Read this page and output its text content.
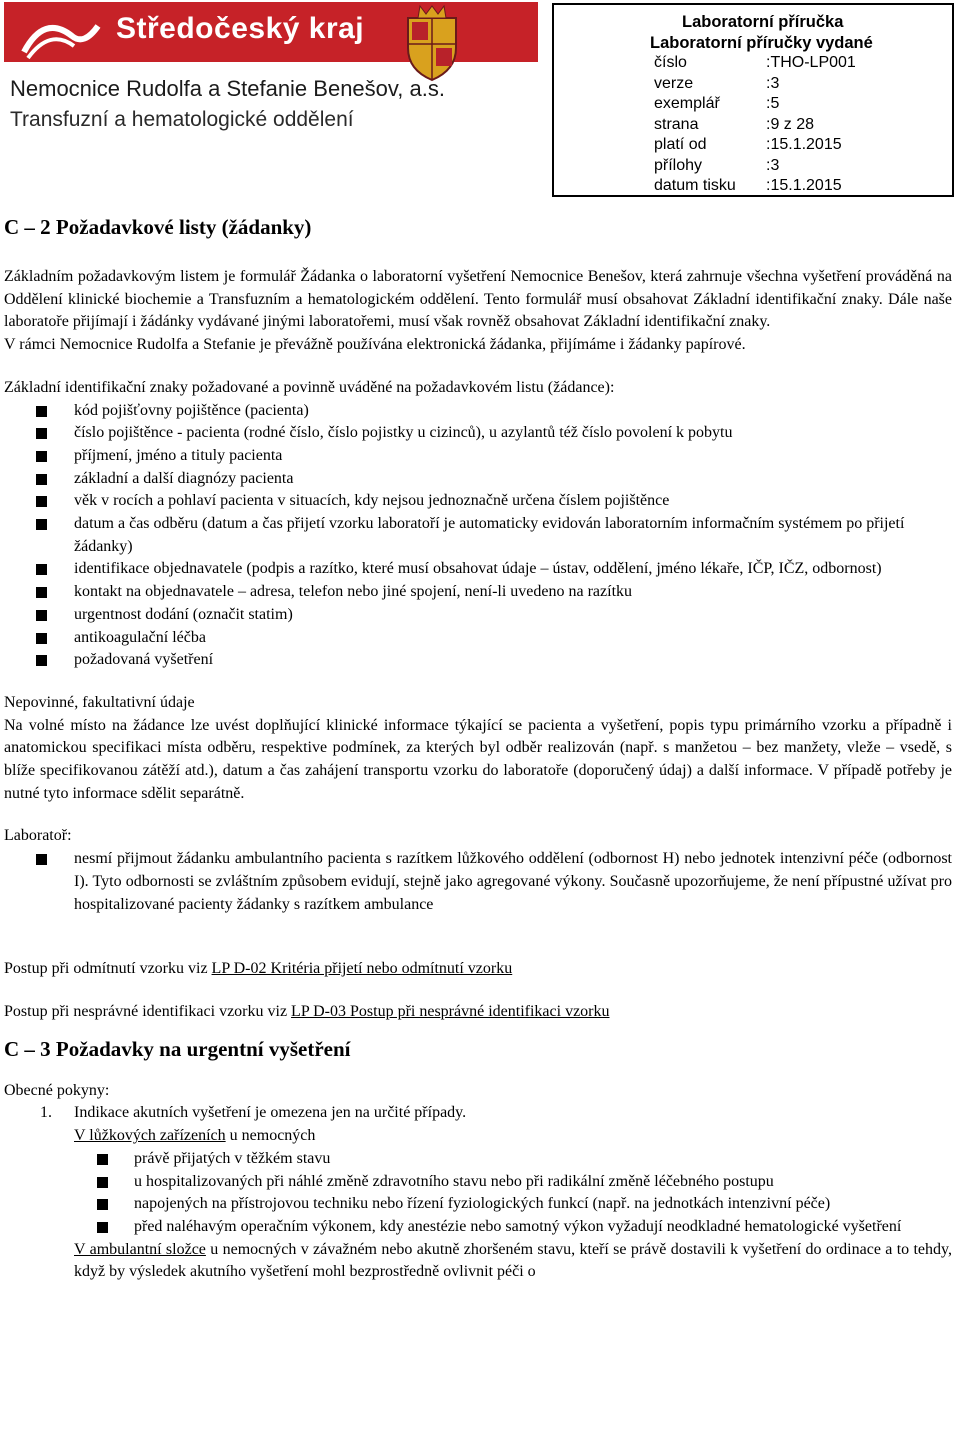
Středočeský kraj
Nemocnice Rudolfa a Stefanie Benešov, a.s.
Transfuzní a hematologické oddělení
Laboratorní příručka
Laboratorní příručky vydané
číslo	:THO-LP001
verze	:3
exemplář	:5
strana	:9 z 28
platí od	:15.1.2015
přílohy	:3
datum tisku	:15.1.2015
C – 2 Požadavkové listy (žádanky)

Základním požadavkovým listem je formulář Žádanka o laboratorní vyšetření Nemocnice Benešov, která zahrnuje všechna vyšetření prováděná na Oddělení klinické biochemie a Transfuzním a hematologickém oddělení. Tento formulář musí obsahovat Základní identifikační znaky. Dále naše laboratoře přijímají i žádánky vydávané jinými laboratořemi, musí však rovněž obsahovat Základní identifikační znaky.

V rámci Nemocnice Rudolfa a Stefanie je převážně používána elektronická žádanka, přijímáme i žádanky papírové.

Základní identifikační znaky požadované a povinně uváděné na požadavkovém listu (žádance):

kód pojišťovny pojištěnce (pacienta)
číslo pojištěnce - pacienta (rodné číslo, číslo pojistky u cizinců), u azylantů též číslo povolení k pobytu
příjmení, jméno a tituly pacienta
základní a další diagnózy pacienta
věk v rocích a pohlaví pacienta v situacích, kdy nejsou jednoznačně určena číslem pojištěnce
datum a čas odběru (datum a čas přijetí vzorku laboratoří je automaticky evidován laboratorním informačním systémem po přijetí žádanky)
identifikace objednavatele (podpis a razítko, které musí obsahovat údaje – ústav, oddělení, jméno lékaře, IČP, IČZ, odbornost)
kontakt na objednavatele – adresa, telefon nebo jiné spojení, není-li uvedeno na razítku
urgentnost dodání (označit statim)
antikoagulační léčba
požadovaná vyšetření

Nepovinné, fakultativní údaje

Na volné místo na žádance lze uvést doplňující klinické informace týkající se pacienta a vyšetření, popis typu primárního vzorku a případně i anatomickou specifikaci místa odběru, respektive podmínek, za kterých byl odběr realizován (např. s manžetou – bez manžety, vleže – vsedě, s blíže specifikovanou zátěží atd.), datum a čas zahájení transportu vzorku do laboratoře (doporučený údaj) a další informace. V případě potřeby je nutné tyto informace sdělit separátně.

Laboratoř:

nesmí přijmout žádanku ambulantního pacienta s razítkem lůžkového oddělení (odbornost H) nebo jednotek intenzivní péče (odbornost I). Tyto odbornosti se zvláštním způsobem evidují, stejně jako agregované výkony. Současně upozorňujeme, že není přípustné užívat pro hospitalizované pacienty žádanky s razítkem ambulance

Postup při odmítnutí vzorku viz LP D-02 Kritéria přijetí nebo odmítnutí vzorku

Postup při nesprávné identifikaci vzorku viz LP D-03 Postup při nesprávné identifikaci vzorku

C – 3 Požadavky na urgentní vyšetření

Obecné pokyny:

1. Indikace akutních vyšetření je omezena jen na určité případy.

V lůžkových zařízeních u nemocných

právě přijatých v těžkém stavu
u hospitalizovaných při náhlé změně zdravotního stavu nebo při radikální změně léčebného postupu
napojených na přístrojovou techniku nebo řízení fyziologických funkcí (např. na jednotkách intenzivní péče)
před naléhavým operačním výkonem, kdy anestézie nebo samotný výkon vyžadují neodkladné hematologické vyšetření

V ambulantní složce u nemocných v závažném nebo akutně zhoršeném stavu, kteří se právě dostavili k vyšetření do ordinace a to tehdy, když by výsledek akutního vyšetření mohl bezprostředně ovlivnit péči o
